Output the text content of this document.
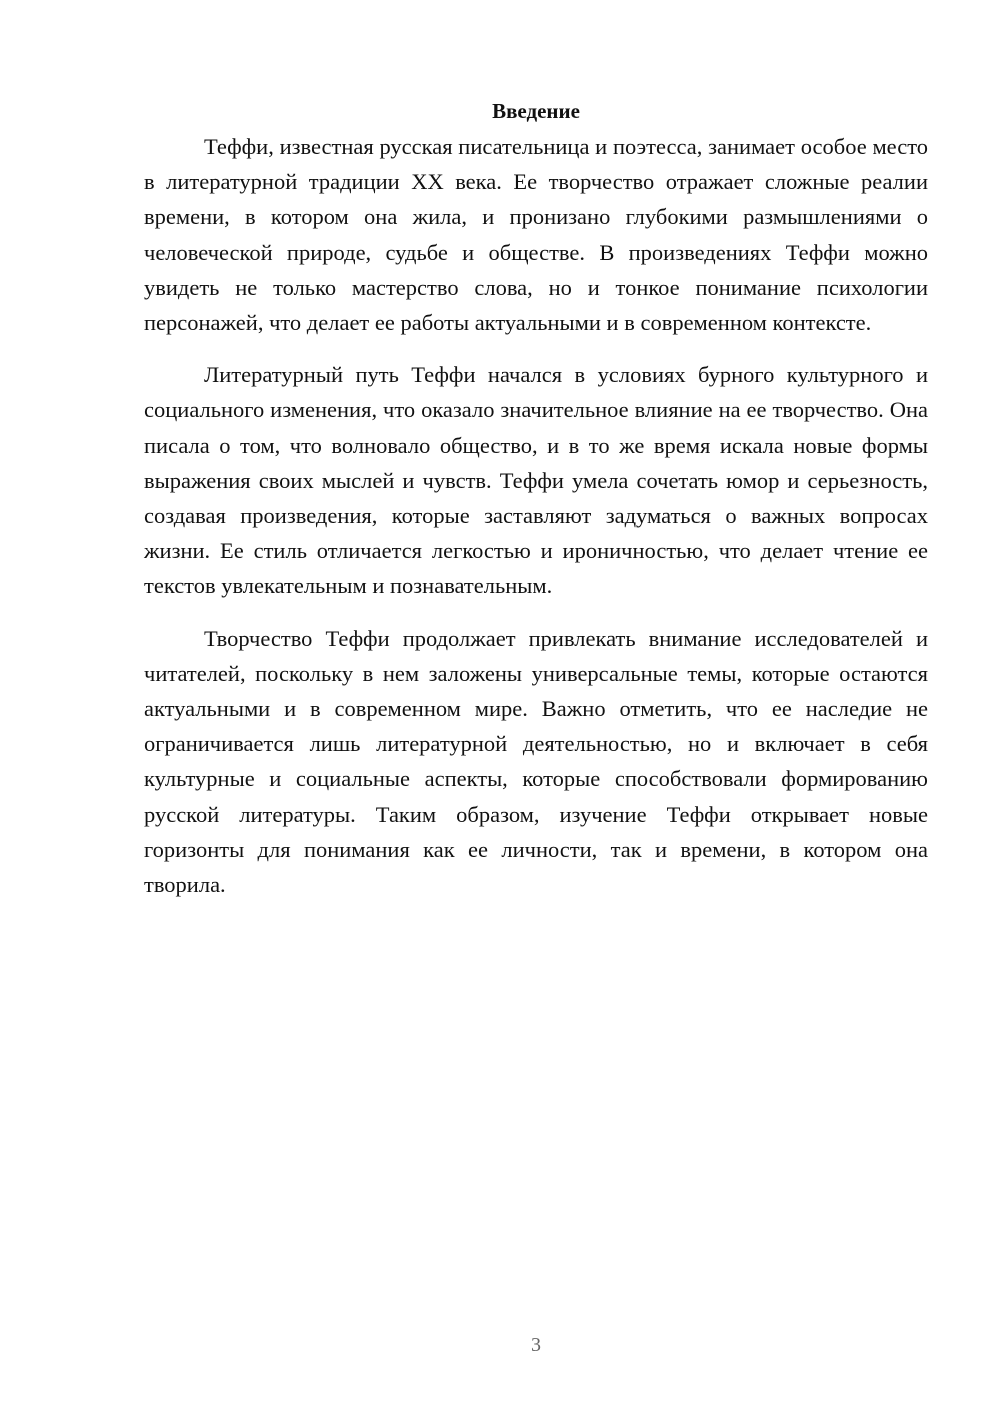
Введение

Теффи, известная русская писательница и поэтесса, занимает особое место в литературной традиции XX века. Ее творчество отражает сложные реалии времени, в котором она жила, и пронизано глубокими размышлениями о человеческой природе, судьбе и обществе. В произведениях Теффи можно увидеть не только мастерство слова, но и тонкое понимание психологии персонажей, что делает ее работы актуальными и в современном контексте.

Литературный путь Теффи начался в условиях бурного культурного и социального изменения, что оказало значительное влияние на ее творчество. Она писала о том, что волновало общество, и в то же время искала новые формы выражения своих мыслей и чувств. Теффи умела сочетать юмор и серьезность, создавая произведения, которые заставляют задуматься о важных вопросах жизни. Ее стиль отличается легкостью и ироничностью, что делает чтение ее текстов увлекательным и познавательным.

Творчество Теффи продолжает привлекать внимание исследователей и читателей, поскольку в нем заложены универсальные темы, которые остаются актуальными и в современном мире. Важно отметить, что ее наследие не ограничивается лишь литературной деятельностью, но и включает в себя культурные и социальные аспекты, которые способствовали формированию русской литературы. Таким образом, изучение Теффи открывает новые горизонты для понимания как ее личности, так и времени, в котором она творила.

3
